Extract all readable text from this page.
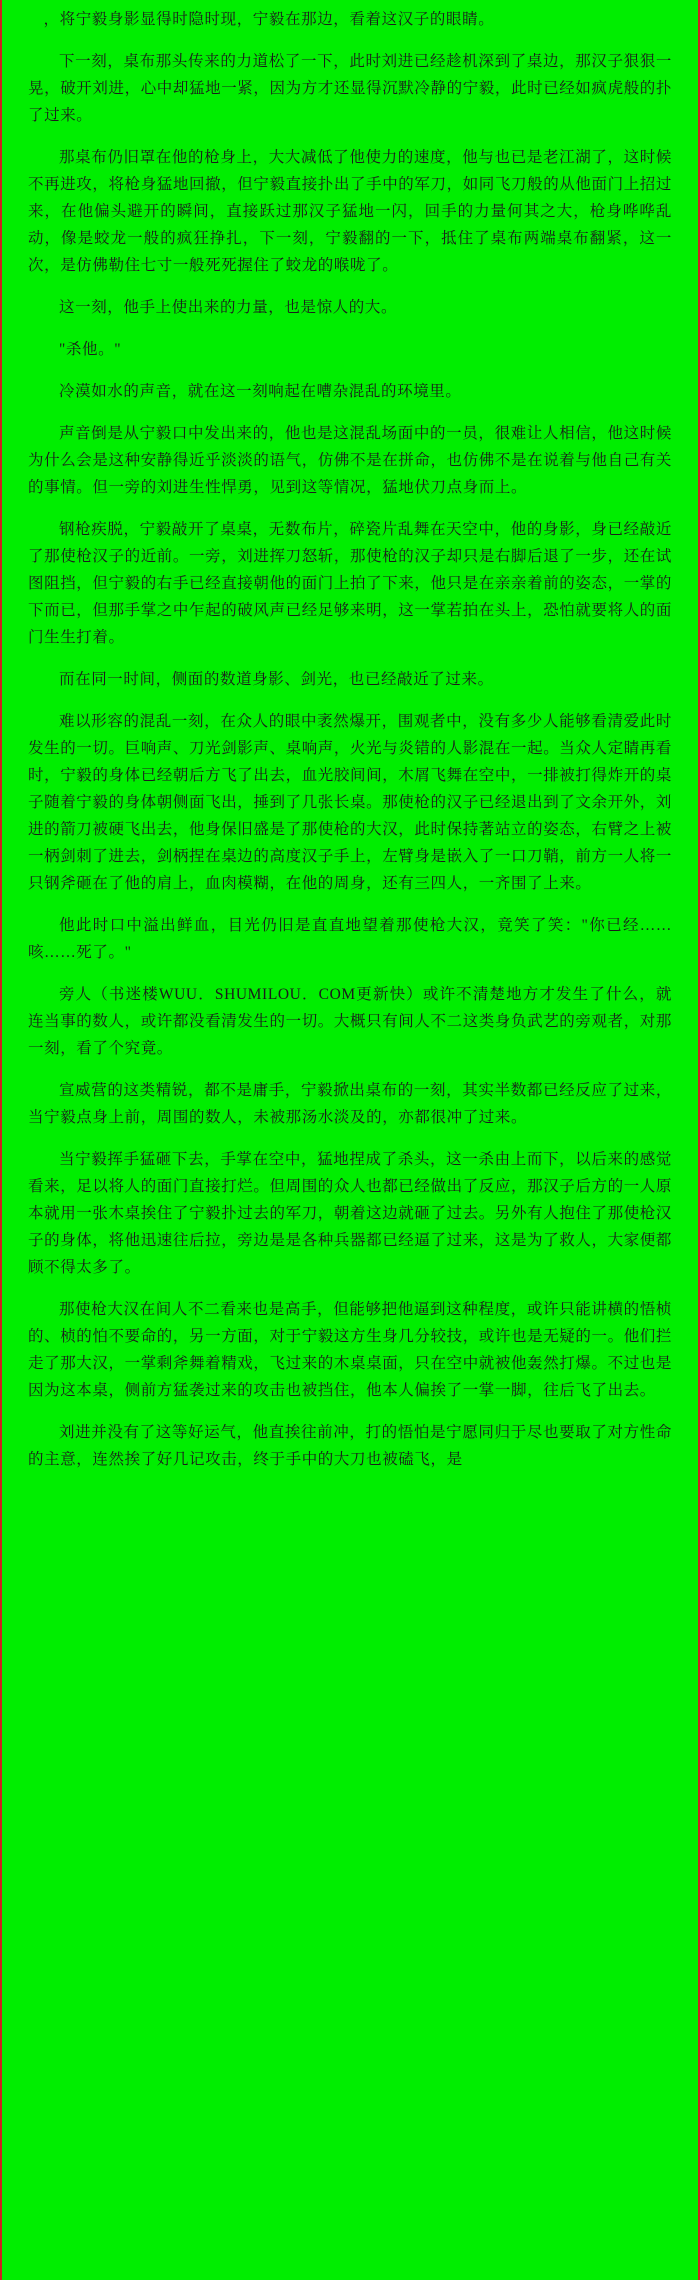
，将宁毅身影显得时隐时现，宁毅在那边，看着这汉子的眼睛。

下一刻，桌布那头传来的力道松了一下，此时刘进已经趁机深到了桌边，那汉子狠狠一晃，破开刘进，心中却猛地一紧，因为方才还显得沉默冷静的宁毅，此时已经如疯虎般的扑了过来。

那桌布仍旧罩在他的枪身上，大大减低了他使力的速度，他与也已是老江湖了，这时候不再进攻，将枪身猛地回撤，但宁毅直接扑出了手中的军刀，如同飞刀般的从他面门上招过来，在他偏头避开的瞬间，直接跃过那汉子猛地一闪，回手的力量何其之大，枪身哗哗乱动，像是蛟龙一般的疯狂挣扎，下一刻，宁毅翻的一下，抵住了桌布两端桌布翻紧，这一次，是仿佛勒住七寸一般死死握住了蛟龙的喉咙了。

这一刻，他手上使出来的力量，也是惊人的大。

"杀他。"

冷漠如水的声音，就在这一刻响起在嘈杂混乱的环境里。

声音倒是从宁毅口中发出来的，他也是这混乱场面中的一员，很难让人相信，他这时候为什么会是这种安静得近乎淡淡的语气，仿佛不是在拼命，也仿佛不是在说着与他自己有关的事情。但一旁的刘进生性悍勇，见到这等情况，猛地伏刀点身而上。

钢枪疾脱，宁毅敲开了桌桌，无数布片，碎瓷片乱舞在天空中，他的身影，身已经敲近了那使枪汉子的近前。一旁，刘进挥刀怒斩，那使枪的汉子却只是右脚后退了一步，还在试图阻挡，但宁毅的右手已经直接朝他的面门上拍了下来，他只是在亲亲着前的姿态，一掌的下而已，但那手掌之中乍起的破风声已经足够来明，这一掌若拍在头上，恐怕就要将人的面门生生打着。

而在同一时间，侧面的数道身影、剑光，也已经敲近了过来。

难以形容的混乱一刻，在众人的眼中袤然爆开，围观者中，没有多少人能够看清爱此时发生的一切。巨响声、刀光剑影声、桌响声，火光与炎错的人影混在一起。当众人定睛再看时，宁毅的身体已经朝后方飞了出去，血光胶间间，木屑飞舞在空中，一排被打得炸开的桌子随着宁毅的身体朝侧面飞出，捶到了几张长桌。那使枪的汉子已经退出到了文余开外，刘进的箭刀被硬飞出去，他身保旧盛是了那使枪的大汉，此时保持著站立的姿态，右臂之上被一柄剑刺了进去，剑柄捏在桌边的高度汉子手上，左臂身是嵌入了一口刀鞘，前方一人将一只钢斧砸在了他的肩上，血肉模糊，在他的周身，还有三四人，一齐围了上来。

他此时口中溢出鲜血，目光仍旧是直直地望着那使枪大汉，竟笑了笑："你已经……咳……死了。"

旁人（书迷楼WUU．SHUMILOU．COM更新快）或许不清楚地方才发生了什么，就连当事的数人，或许都没看清发生的一切。大概只有间人不二这类身负武艺的旁观者，对那一刻，看了个究竟。

宣威营的这类精锐，都不是庸手，宁毅掀出桌布的一刻，其实半数都已经反应了过来，当宁毅点身上前，周围的数人，未被那汤水淡及的，亦都很冲了过来。

当宁毅挥手猛砸下去，手掌在空中，猛地捏成了杀头，这一杀由上而下，以后来的感觉看来，足以将人的面门直接打烂。但周围的众人也都已经做出了反应，那汉子后方的一人原本就用一张木桌挨住了宁毅扑过去的军刀，朝着这边就砸了过去。另外有人抱住了那使枪汉子的身体，将他迅速往后拉，旁边是是各种兵器都已经逼了过来，这是为了救人，大家便都顾不得太多了。

那使枪大汉在间人不二看来也是高手，但能够把他逼到这种程度，或许只能讲横的悟桢的、桢的怕不要命的，另一方面，对于宁毅这方生身几分较技，或许也是无疑的一。他们拦走了那大汉，一掌剩斧舞着精戏，飞过来的木桌桌面，只在空中就被他轰然打爆。不过也是因为这本桌，侧前方猛袭过来的攻击也被挡住，他本人偏挨了一掌一脚，往后飞了出去。

刘进并没有了这等好运气，他直挨往前冲，打的悟怕是宁愿同归于尽也要取了对方性命的主意，连然挨了好几记攻击，终于手中的大刀也被磕飞，是
